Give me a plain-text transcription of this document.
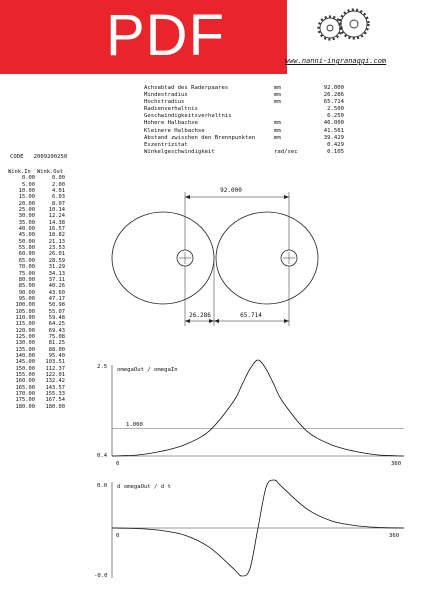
PDF	www.nanni-ingranaggi.com
Achsabtad des Raderpaares	mm	92.000
Mindestradius	mm	26.286
Hochstradius	mm	65.714
Radienverhaltnis	2.500
Geschwindigkeitsverhaltnis	6.250
Hohere Halbachse	mm	46.000
Kleinere Halbachse	mm	41.561
Abstand zwischen den Brennpunkten	mm	39.429
Exzentrizitat	0.429
Winkelgeschwindigkeit	rad/sec	0.105
CODE 2009200250
Wink.In	Wink.Out
0.00	0.00
5.00	2.00
10.00	4.01
15.00	6.03
20.00	8.07
25.00	10.14
30.00	12.24
35.00	14.38
40.00	16.57
45.00	18.82
50.00	21.13
55.00	23.53
60.00	26.01
65.00	28.59
70.00	31.29
75.00	34.13
80.00	37.11
85.00	40.26
90.00	43.60
95.00	47.17
100.00	50.98
105.00	55.07
110.00	59.48
115.00	64.25
120.00	69.43
125.00	75.08
130.00	81.25
135.00	88.00
140.00	95.40
145.00	103.51
150.00	112.37
155.00	122.01
160.00	132.42
165.00	143.57
170.00	155.33
175.00	167.54
180.00	180.00
92.000
26.286	65.714
omegaOut / omegaIn
2.5
0.4
1.000
0	360
d omegaOut / d t
0.0
-0.0
0	360
